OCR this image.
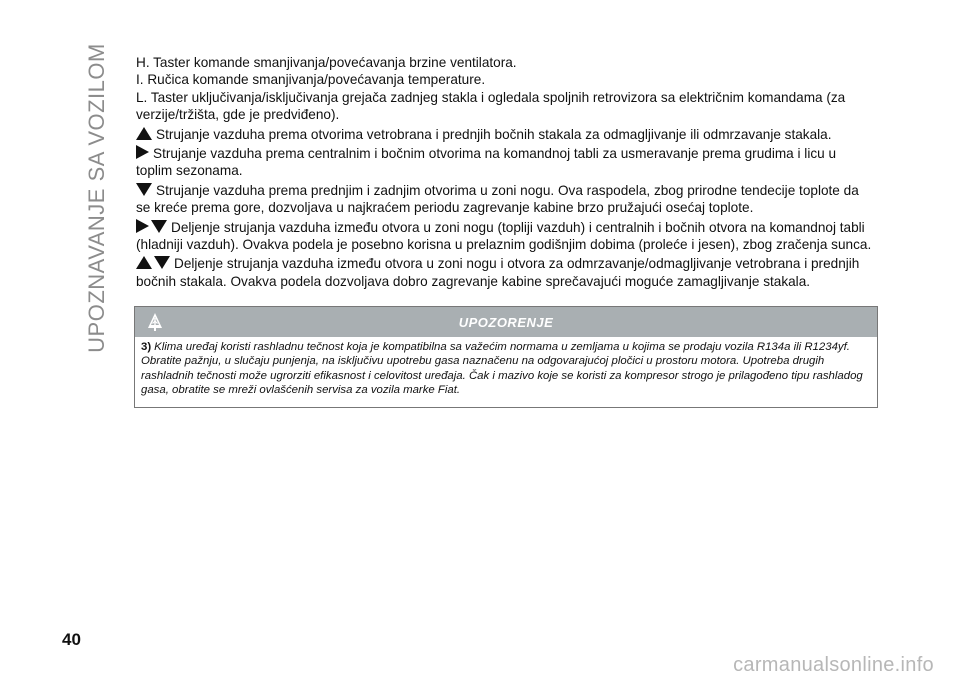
UPOZNAVANJE SA VOZILOM H. Taster komande smanjivanja/povećavanja brzine ventilatora.

I. Ručica komande smanjivanja/povećavanja temperature.

L. Taster uključivanja/isključivanja grejača zadnjeg stakla i ogledala spoljnih retrovizora sa električnim komandama (za verzije/tržišta, gde je predviđeno).

Strujanje vazduha prema otvorima vetrobrana i prednjih bočnih stakala za odmagljivanje ili odmrzavanje stakala.

Strujanje vazduha prema centralnim i bočnim otvorima na komandnoj tabli za usmeravanje prema grudima i licu u toplim sezonama.

Strujanje vazduha prema prednjim i zadnjim otvorima u zoni nogu. Ova raspodela, zbog prirodne tendecije toplote da se kreće prema gore, dozvoljava u najkraćem periodu zagrevanje kabine brzo pružajući osećaj toplote.

Deljenje strujanja vazduha između otvora u zoni nogu (topliji vazduh) i centralnih i bočnih otvora na komandnoj tabli (hladniji vazduh). Ovakva podela je posebno korisna u prelaznim godišnjim dobima (proleće i jesen), zbog zračenja sunca.

Deljenje strujanja vazduha između otvora u zoni nogu i otvora za odmrzavanje/odmagljivanje vetrobrana i prednjih bočnih stakala. Ovakva podela dozvoljava dobro zagrevanje kabine sprečavajući moguće zamagljivanje stakala.

UPOZORENJE
3) Klima uređaj koristi rashladnu tečnost koja je kompatibilna sa važećim normama u zemljama u kojima se prodaju vozila R134a ili R1234yf. Obratite pažnju, u slučaju punjenja, na isključivu upotrebu gasa naznačenu na odgovarajućoj pločici u prostoru motora. Upotreba drugih rashladnih tečnosti može ugrorziti efikasnost i celovitost uređaja. Čak i mazivo koje se koristi za kompresor strogo je prilagođeno tipu rashladog gasa, obratite se mreži ovlašćenih servisa za vozila marke Fiat.
40
carmanualsonline.info
